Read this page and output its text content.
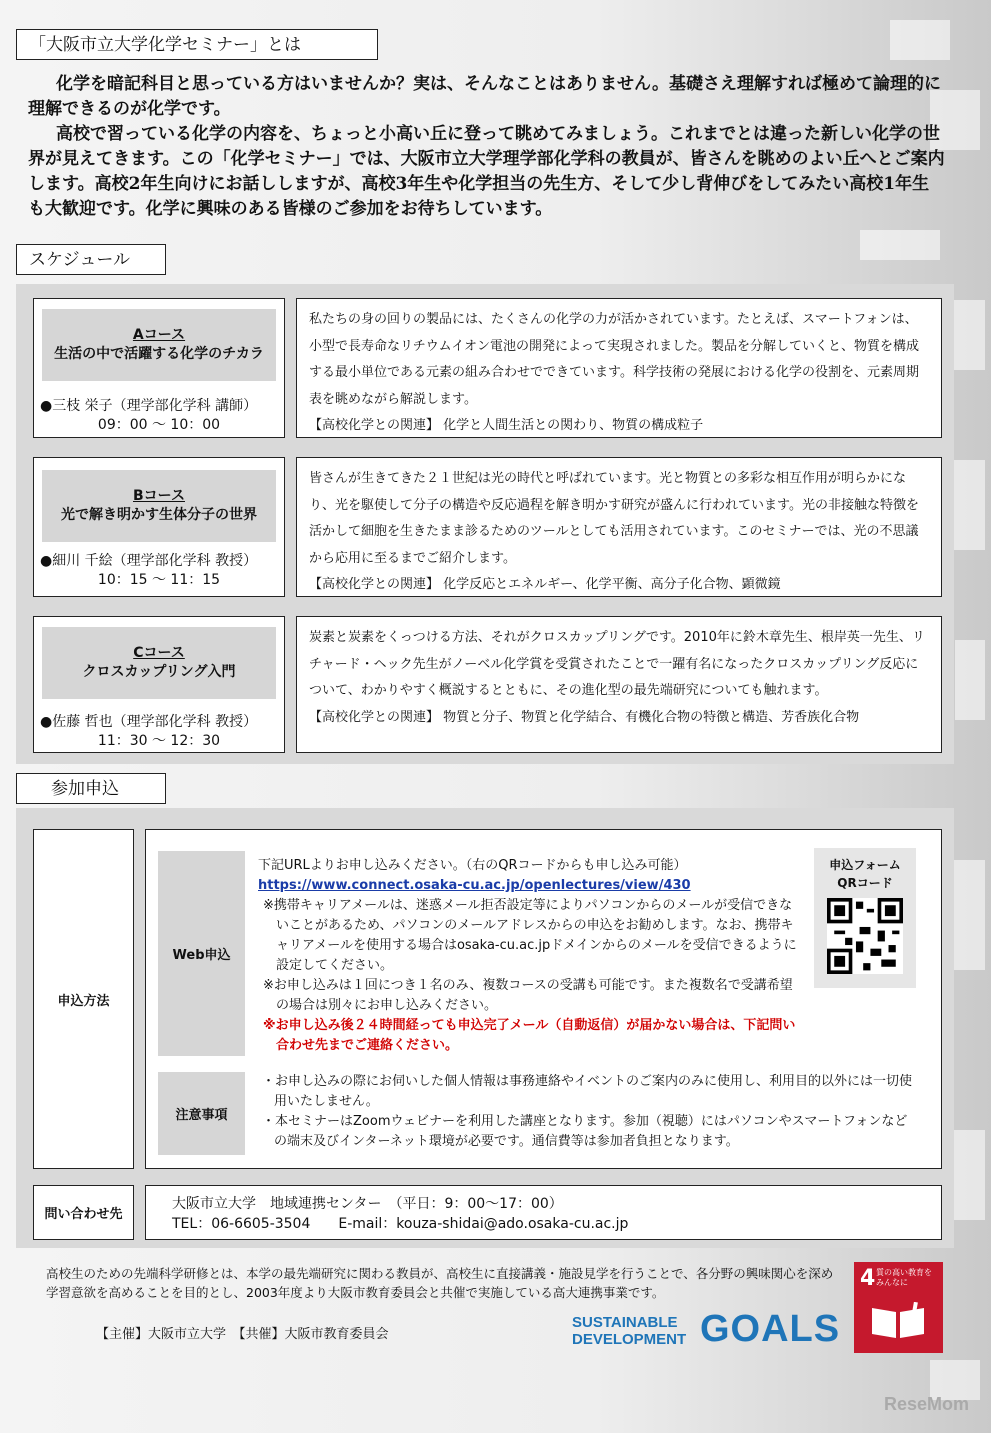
「大阪市立大学化学セミナー」とは

化学を暗記科目と思っている方はいませんか？実は、そんなことはありません。基礎さえ理解すれば極めて論理的に理解できるのが化学です。

高校で習っている化学の内容を、ちょっと小高い丘に登って眺めてみましょう。これまでとは違った新しい化学の世界が見えてきます。この「化学セミナー」では、大阪市立大学理学部化学科の教員が、皆さんを眺めのよい丘へとご案内します。高校2年生向けにお話ししますが、高校3年生や化学担当の先生方、そして少し背伸びをしてみたい高校1年生も大歓迎です。化学に興味のある皆様のご参加をお待ちしています。

スケジュール
Aコース
生活の中で活躍する化学のチカラ
●三枝 栄子（理学部化学科 講師）
09：00 ～ 10：00
私たちの身の回りの製品には、たくさんの化学の力が活かされています。たとえば、スマートフォンは、小型で長寿命なリチウムイオン電池の開発によって実現されました。製品を分解していくと、物質を構成する最小単位である元素の組み合わせでできています。科学技術の発展における化学の役割を、元素周期表を眺めながら解説します。
【高校化学との関連】 化学と人間生活との関わり、物質の構成粒子
Bコース
光で解き明かす生体分子の世界
●細川 千絵（理学部化学科 教授）
10：15 ～ 11：15
皆さんが生きてきた２１世紀は光の時代と呼ばれています。光と物質との多彩な相互作用が明らかになり、光を駆使して分子の構造や反応過程を解き明かす研究が盛んに行われています。光の非接触な特徴を活かして細胞を生きたまま診るためのツールとしても活用されています。このセミナーでは、光の不思議から応用に至るまでご紹介します。
【高校化学との関連】 化学反応とエネルギー、化学平衡、高分子化合物、顕微鏡
Cコース
クロスカップリング入門
●佐藤 哲也（理学部化学科 教授）
11：30 ～ 12：30
炭素と炭素をくっつける方法、それがクロスカップリングです。2010年に鈴木章先生、根岸英一先生、リチャード・ヘック先生がノーベル化学賞を受賞されたことで一躍有名になったクロスカップリング反応について、わかりやすく概説するとともに、その進化型の最先端研究についても触れます。
【高校化学との関連】 物質と分子、物質と化学結合、有機化合物の特徴と構造、芳香族化合物
参加申込
申込方法
Web申込
下記URLよりお申し込みください。（右のQRコードからも申し込み可能）
https://www.connect.osaka-cu.ac.jp/openlectures/view/430
※携帯キャリアメールは、迷惑メール拒否設定等によりパソコンからのメールが受信できないことがあるため、パソコンのメールアドレスからの申込をお勧めします。なお、携帯キャリアメールを使用する場合はosaka-cu.ac.jpドメインからのメールを受信できるように設定してください。
※お申し込みは１回につき１名のみ、複数コースの受講も可能です。また複数名で受講希望の場合は別々にお申し込みください。
※お申し込み後２４時間経っても申込完了メール（自動返信）が届かない場合は、下記問い合わせ先までご連絡ください。
申込フォーム
QRコード
注意事項
・お申し込みの際にお伺いした個人情報は事務連絡やイベントのご案内のみに使用し、利用目的以外には一切使用いたしません。
・本セミナーはZoomウェビナーを利用した講座となります。参加（視聴）にはパソコンやスマートフォンなどの端末及びインターネット環境が必要です。通信費等は参加者負担となります。
問い合わせ先
大阪市立大学　地域連携センター　（平日：9：00～17：00）
TEL：06-6605-3504　　E-mail：kouza-shidai@ado.osaka-cu.ac.jp
高校生のための先端科学研修とは、本学の最先端研究に関わる教員が、高校生に直接講義・施設見学を行うことで、各分野の興味関心を深め学習意欲を高めることを目的とし、2003年度より大阪市教育委員会と共催で実施している高大連携事業です。
【主催】大阪市立大学　【共催】大阪市教育委員会
SUSTAINABLE
DEVELOPMENT GOALS
4 質の高い教育をみんなに
ReseMom
